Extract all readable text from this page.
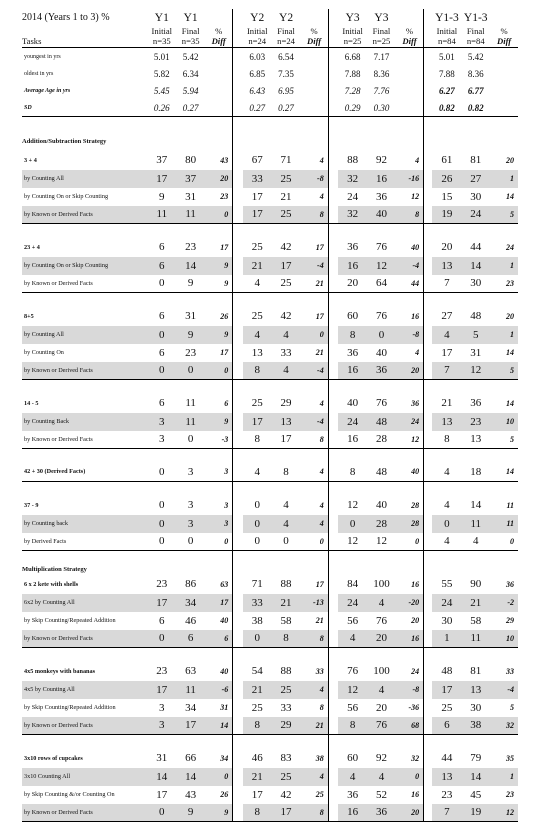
2014 (Years 1 to 3) %	Y1	Y1			Y2	Y2			Y3	Y3			Y1-3	Y1-3	
	Initial	Final	%		Initial	Final	%		Initial	Final	%		Initial	Final	%
Tasks	n=35	n=35	Diff		n=24	n=24	Diff		n=25	n=25	Diff		n=84	n=84	Diff
youngest in yrs	5.01	5.42			6.03	6.54			6.68	7.17			5.01	5.42	
oldest in yrs	5.82	6.34			6.85	7.35			7.88	8.36			7.88	8.36	
Average Age in yrs	5.45	5.94			6.43	6.95			7.28	7.76			6.27	6.77	
SD	0.26	0.27			0.27	0.27			0.29	0.30			0.82	0.82	
Addition/Subtraction Strategy															

3 + 4	37	80	43		67	71	4		88	92	4		61	81	20
by Counting All	17	37	20		33	25	-8		32	16	-16		26	27	1
by Counting On or Skip Counting	9	31	23		17	21	4		24	36	12		15	30	14
by Known or Derived Facts	11	11	0		17	25	8		32	40	8		19	24	5

23 + 4	6	23	17		25	42	17		36	76	40		20	44	24
by Counting On or Skip Counting	6	14	9		21	17	-4		16	12	-4		13	14	1
by Known or Derived Facts	0	9	9		4	25	21		20	64	44		7	30	23

8+5	6	31	26		25	42	17		60	76	16		27	48	20
by Counting All	0	9	9		4	4	0		8	0	-8		4	5	1
by Counting On	6	23	17		13	33	21		36	40	4		17	31	14
by Known or Derived Facts	0	0	0		8	4	-4		16	36	20		7	12	5

14 - 5	6	11	6		25	29	4		40	76	36		21	36	14
by Counting Back	3	11	9		17	13	-4		24	48	24		13	23	10
by Known or Derived Facts	3	0	-3		8	17	8		16	28	12		8	13	5

42 + 30 (Derived Facts)	0	3	3		4	8	4		8	48	40		4	18	14

37 - 9	0	3	3		0	4	4		12	40	28		4	14	11
by Counting back	0	3	3		0	4	4		0	28	28		0	11	11
by Derived Facts	0	0	0		0	0	0		12	12	0		4	4	0
Multiplication Strategy															
6 x 2 kete with shells	23	86	63		71	88	17		84	100	16		55	90	36
6x2 by Counting All	17	34	17		33	21	-13		24	4	-20		24	21	-2
by Skip Counting/Repeated Addition	6	46	40		38	58	21		56	76	20		30	58	29
by Known or Derived Facts	0	6	6		0	8	8		4	20	16		1	11	10

4x5 monkeys with bananas	23	63	40		54	88	33		76	100	24		48	81	33
4x5 by Counting All	17	11	-6		21	25	4		12	4	-8		17	13	-4
by Skip Counting/Repeated Addition	3	34	31		25	33	8		56	20	-36		25	30	5
by Known or Derived Facts	3	17	14		8	29	21		8	76	68		6	38	32

3x10 rows of cupcakes	31	66	34		46	83	38		60	92	32		44	79	35
3x10 Counting All	14	14	0		21	25	4		4	4	0		13	14	1
by Skip Counting &/or Counting On	17	43	26		17	42	25		36	52	16		23	45	23
by Known or Derived Facts	0	9	9		8	17	8		16	36	20		7	19	12
